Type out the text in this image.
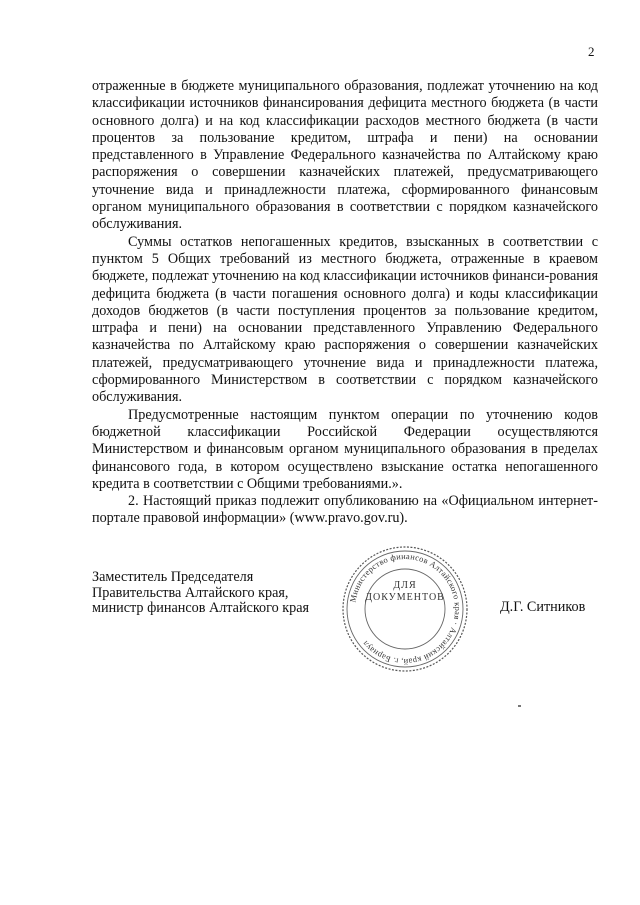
2

отраженные в бюджете муниципального образования, подлежат уточнению на код классификации источников финансирования дефицита местного бюджета (в части основного долга) и на код классификации расходов местного бюджета (в части процентов за пользование кредитом, штрафа и пени) на основании представленного в Управление Федерального казначейства по Алтайскому краю распоряжения о совершении казначейских платежей, предусматривающего уточнение вида и принадлежности платежа, сформированного финансовым органом муниципального образования в соответствии с порядком казначейского обслуживания.

Суммы остатков непогашенных кредитов, взысканных в соответствии с пунктом 5 Общих требований из местного бюджета, отраженные в краевом бюджете, подлежат уточнению на код классификации источников финанси-рования дефицита бюджета (в части погашения основного долга) и коды классификации доходов бюджетов (в части поступления процентов за пользование кредитом, штрафа и пени) на основании представленного Управлению Федерального казначейства по Алтайскому краю распоряжения о совершении казначейских платежей, предусматривающего уточнение вида и принадлежности платежа, сформированного Министерством в соответствии с порядком казначейского обслуживания.

Предусмотренные настоящим пунктом операции по уточнению кодов бюджетной классификации Российской Федерации осуществляются Министерством и финансовым органом муниципального образования в пределах финансового года, в котором осуществлено взыскание остатка непогашенного кредита в соответствии с Общими требованиями.».

2. Настоящий приказ подлежит опубликованию на «Официальном интернет-портале правовой информации» (www.pravo.gov.ru).

Заместитель Председателя
Правительства Алтайского края,
министр финансов Алтайского края
Министерство финансов Алтайского края · Алтайский край, г. Барнаул
ДЛЯ
ДОКУМЕНТОВ
Д.Г. Ситников
